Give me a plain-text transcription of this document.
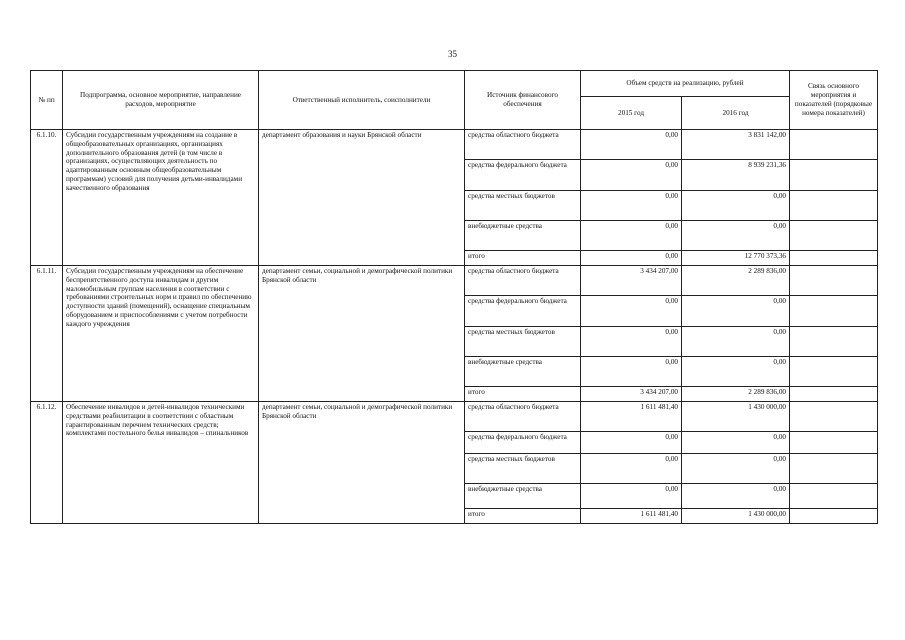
35
№ пп	Подпрограмма, основное мероприятие, направление расходов, мероприятие	Ответственный исполнитель, соисполнители	Источник финансового обеспечения	Объем средств на реализацию, рублей		Связь основного мероприятия и показателей (порядковые номера показателей)
				2015 год	2016 год	
6.1.10.	Субсидии государственным учреждениям на создание в общеобразовательных организациях, организациях дополнительного образования детей (в том числе в организациях, осуществляющих деятельность по адаптированным основным общеобразовательным программам) условий для получения детьми-инвалидами качественного образования	департамент образования и науки Брянской области	средства областного бюджета	0,00	3 831 142,00	
			средства федерального бюджета	0,00	8 939 231,36	
			средства местных бюджетов	0,00	0,00	
			внебюджетные средства	0,00	0,00	
			итого	0,00	12 770 373,36	
6.1.11.	Субсидии государственным учреждениям на обеспечение беспрепятственного доступа инвалидам и другим маломобильным группам населения в соответствии с требованиями строительных норм и правил по обеспечению доступности зданий (помещений), оснащение специальным оборудованием и приспособлениями с учетом потребности каждого учреждения	департамент семьи, социальной и демографической политики Брянской области	средства областного бюджета	3 434 207,00	2 289 836,00	
			средства федерального бюджета	0,00	0,00	
			средства местных бюджетов	0,00	0,00	
			внебюджетные средства	0,00	0,00	
			итого	3 434 207,00	2 289 836,00	
6.1.12.	Обеспечение инвалидов и детей-инвалидов техническими средствами реабилитации в соответствии с областным гарантированным перечнем технических средств; комплектами постельного белья инвалидов – спинальников	департамент семьи, социальной и демографической политики Брянской области	средства областного бюджета	1 611 481,40	1 430 000,00	
			средства федерального бюджета	0,00	0,00	
			средства местных бюджетов	0,00	0,00	
			внебюджетные средства	0,00	0,00	
			итого	1 611 481,40	1 430 000,00	
